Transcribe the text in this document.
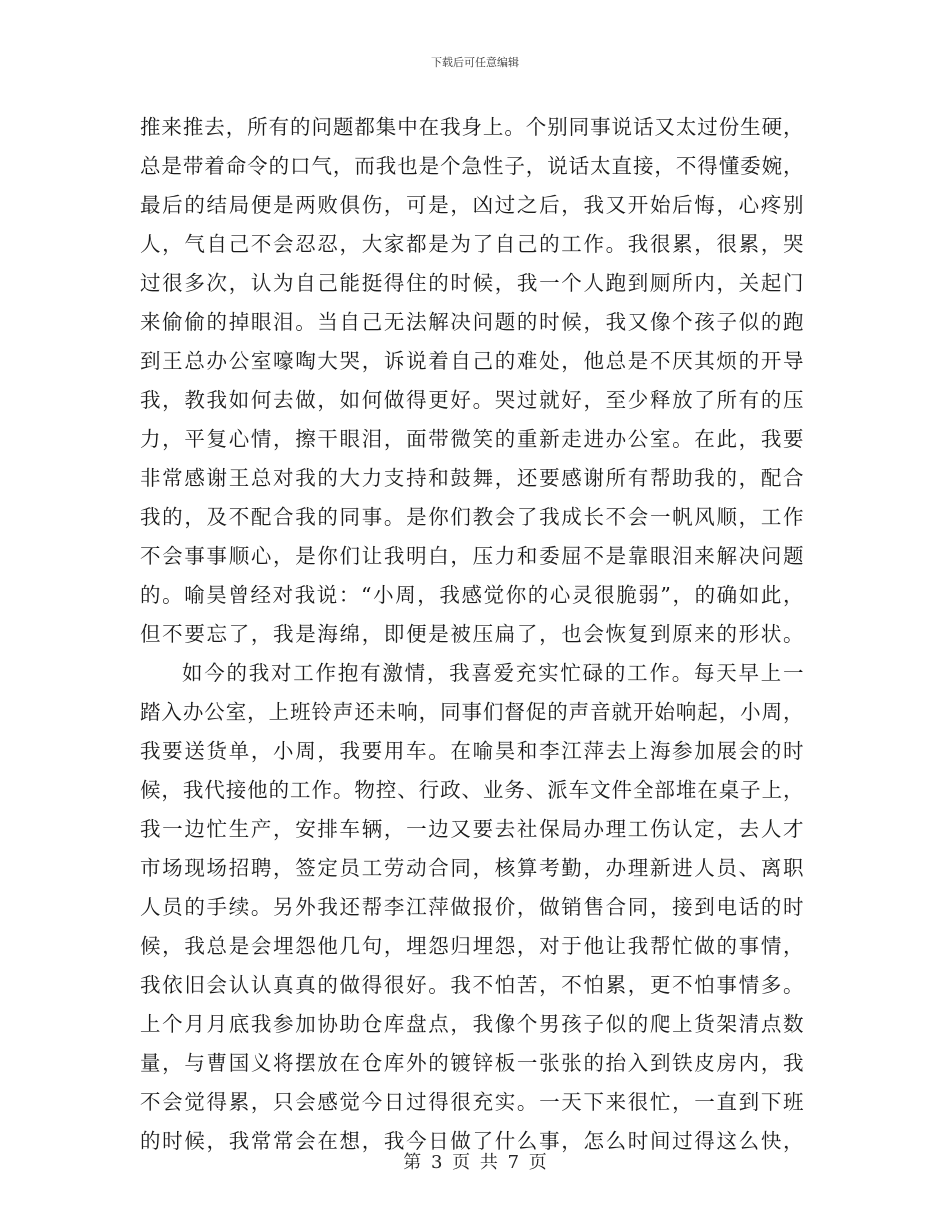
下载后可任意编辑
推来推去，所有的问题都集中在我身上。个别同事说话又太过份生硬，
总是带着命令的口气，而我也是个急性子，说话太直接，不得懂委婉，
最后的结局便是两败俱伤，可是，凶过之后，我又开始后悔，心疼别
人，气自己不会忍忍，大家都是为了自己的工作。我很累，很累，哭
过很多次，认为自己能挺得住的时候，我一个人跑到厕所内，关起门
来偷偷的掉眼泪。当自己无法解决问题的时候，我又像个孩子似的跑
到王总办公室嚎啕大哭，诉说着自己的难处，他总是不厌其烦的开导
我，教我如何去做，如何做得更好。哭过就好，至少释放了所有的压
力，平复心情，擦干眼泪，面带微笑的重新走进办公室。在此，我要
非常感谢王总对我的大力支持和鼓舞，还要感谢所有帮助我的，配合
我的，及不配合我的同事。是你们教会了我成长不会一帆风顺，工作
不会事事顺心，是你们让我明白，压力和委屈不是靠眼泪来解决问题
的。喻昊曾经对我说：“小周，我感觉你的心灵很脆弱”，的确如此，
但不要忘了，我是海绵，即便是被压扁了，也会恢复到原来的形状。
如今的我对工作抱有激情，我喜爱充实忙碌的工作。每天早上一
踏入办公室，上班铃声还未响，同事们督促的声音就开始响起，小周，
我要送货单，小周，我要用车。在喻昊和李江萍去上海参加展会的时
候，我代接他的工作。物控、行政、业务、派车文件全部堆在桌子上，
我一边忙生产，安排车辆，一边又要去社保局办理工伤认定，去人才
市场现场招聘，签定员工劳动合同，核算考勤，办理新进人员、离职
人员的手续。另外我还帮李江萍做报价，做销售合同，接到电话的时
候，我总是会埋怨他几句，埋怨归埋怨，对于他让我帮忙做的事情，
我依旧会认认真真的做得很好。我不怕苦，不怕累，更不怕事情多。
上个月月底我参加协助仓库盘点，我像个男孩子似的爬上货架清点数
量，与曹国义将摆放在仓库外的镀锌板一张张的抬入到铁皮房内，我
不会觉得累，只会感觉今日过得很充实。一天下来很忙，一直到下班
的时候，我常常会在想，我今日做了什么事，怎么时间过得这么快，
第 3 页 共 7 页
